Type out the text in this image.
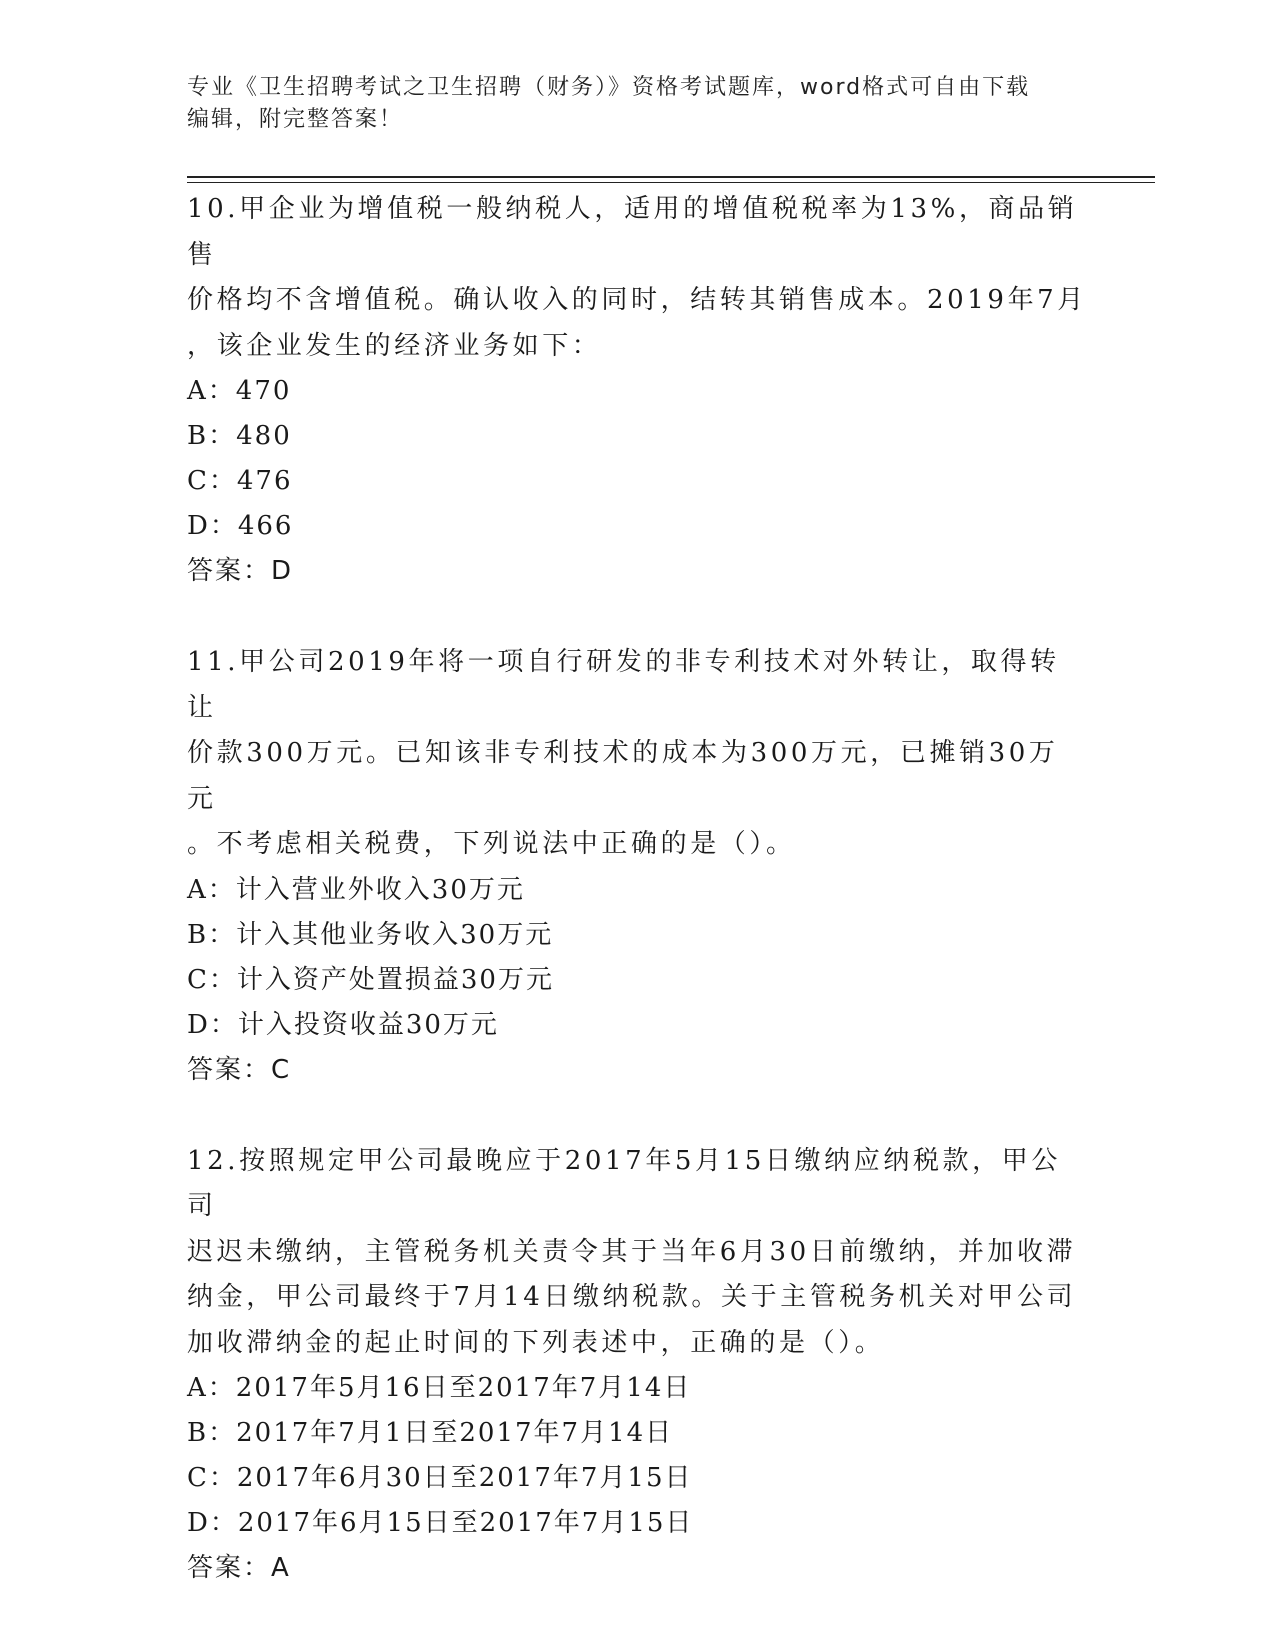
专业《卫生招聘考试之卫生招聘（财务）》资格考试题库，word格式可自由下载
编辑，附完整答案！

10.甲企业为增值税一般纳税人，适用的增值税税率为13%，商品销售

价格均不含增值税。确认收入的同时，结转其销售成本。2019年7月

，该企业发生的经济业务如下：

A：470

B：480

C：476

D：466

答案：D

11.甲公司2019年将一项自行研发的非专利技术对外转让，取得转让

价款300万元。已知该非专利技术的成本为300万元，已摊销30万元

。不考虑相关税费，下列说法中正确的是（）。

A：计入营业外收入30万元

B：计入其他业务收入30万元

C：计入资产处置损益30万元

D：计入投资收益30万元

答案：C

12.按照规定甲公司最晚应于2017年5月15日缴纳应纳税款，甲公司

迟迟未缴纳，主管税务机关责令其于当年6月30日前缴纳，并加收滞

纳金，甲公司最终于7月14日缴纳税款。关于主管税务机关对甲公司

加收滞纳金的起止时间的下列表述中，正确的是（）。

A：2017年5月16日至2017年7月14日

B：2017年7月1日至2017年7月14日

C：2017年6月30日至2017年7月15日

D：2017年6月15日至2017年7月15日

答案：A
